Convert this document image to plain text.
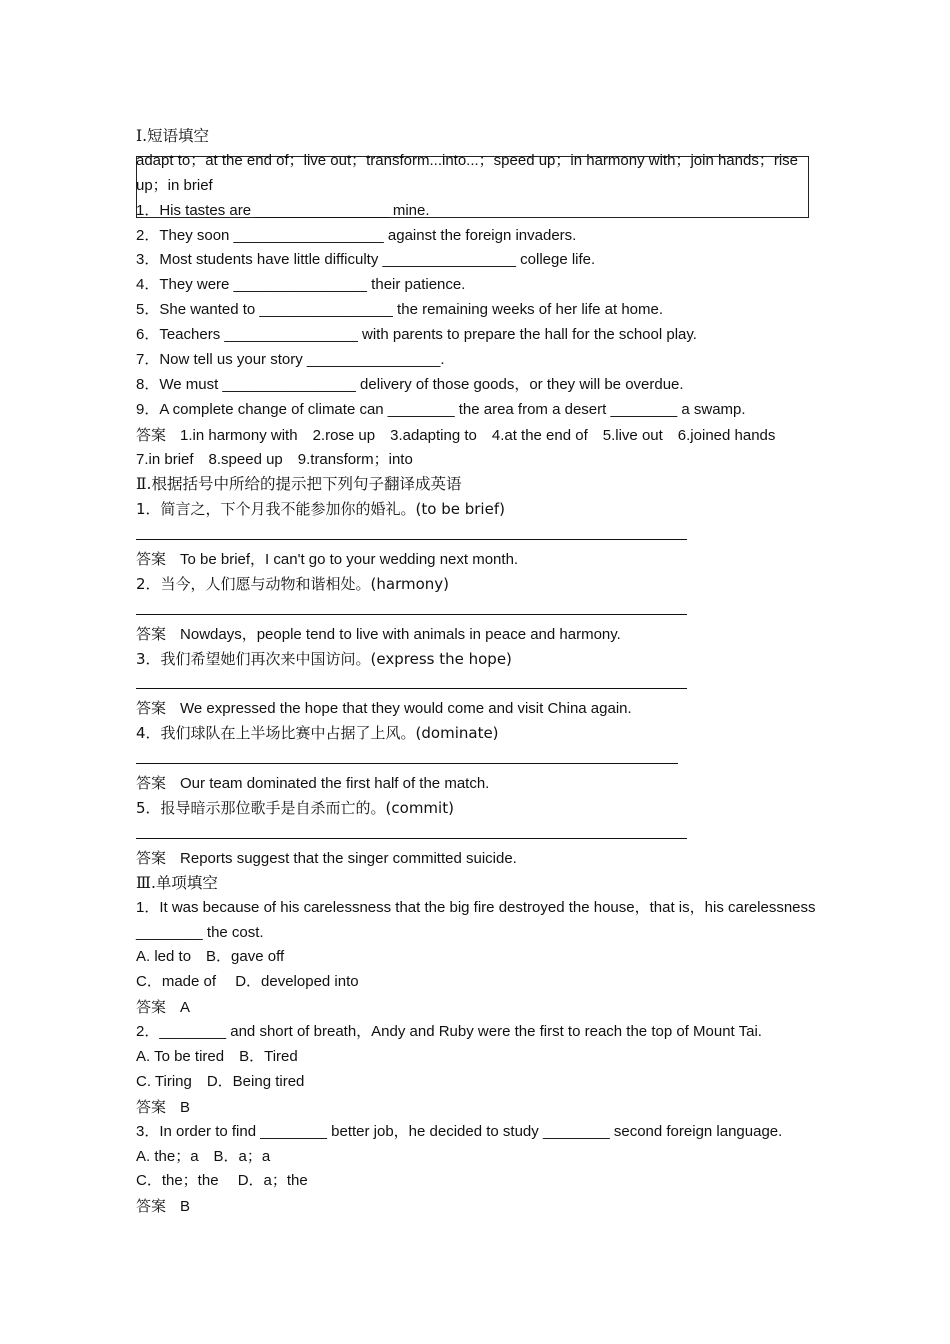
Ⅰ.短语填空
adapt to；at the end of；live out；transform...into...；speed up；in harmony with；join hands；rise
up；in brief
1．His tastes are ________________ mine.
2．They soon __________________ against the foreign invaders.
3．Most students have little difficulty ________________ college life.
4．They were ________________ their patience.
5．She wanted to ________________ the remaining weeks of her life at home.
6．Teachers ________________ with parents to prepare the hall for the school play.
7．Now tell us your story ________________.
8．We must ________________ delivery of those goods，or they will be overdue.
9．A complete change of climate can ________ the area from a desert ________ a swamp.
答案 1.in harmony with　2.rose up　3.adapting to　4.at the end of　5.live out　6.joined hands
7.in brief　8.speed up　9.transform；into
Ⅱ.根据括号中所给的提示把下列句子翻译成英语
1．简言之，下个月我不能参加你的婚礼。(to be brief)
答案 To be brief，I can't go to your wedding next month.
2．当今，人们愿与动物和谐相处。(harmony)
答案 Nowdays，people tend to live with animals in peace and harmony.
3．我们希望她们再次来中国访问。(express the hope)
答案 We expressed the hope that they would come and visit China again.
4．我们球队在上半场比赛中占据了上风。(dominate)
答案 Our team dominated the first half of the match.
5．报导暗示那位歌手是自杀而亡的。(commit)
答案 Reports suggest that the singer committed suicide.
Ⅲ.单项填空
1．It was because of his carelessness that the big fire destroyed the house，that is，his carelessness
________ the cost.
A. led to　B．gave off
C．made of　 D．developed into
答案 A
2．________ and short of breath，Andy and Ruby were the first to reach the top of Mount Tai.
A. To be tired　B．Tired
C. Tiring　D．Being tired
答案 B
3．In order to find ________ better job，he decided to study ________ second foreign language.
A. the；a　B．a；a
C．the；the　 D．a；the
答案 B
